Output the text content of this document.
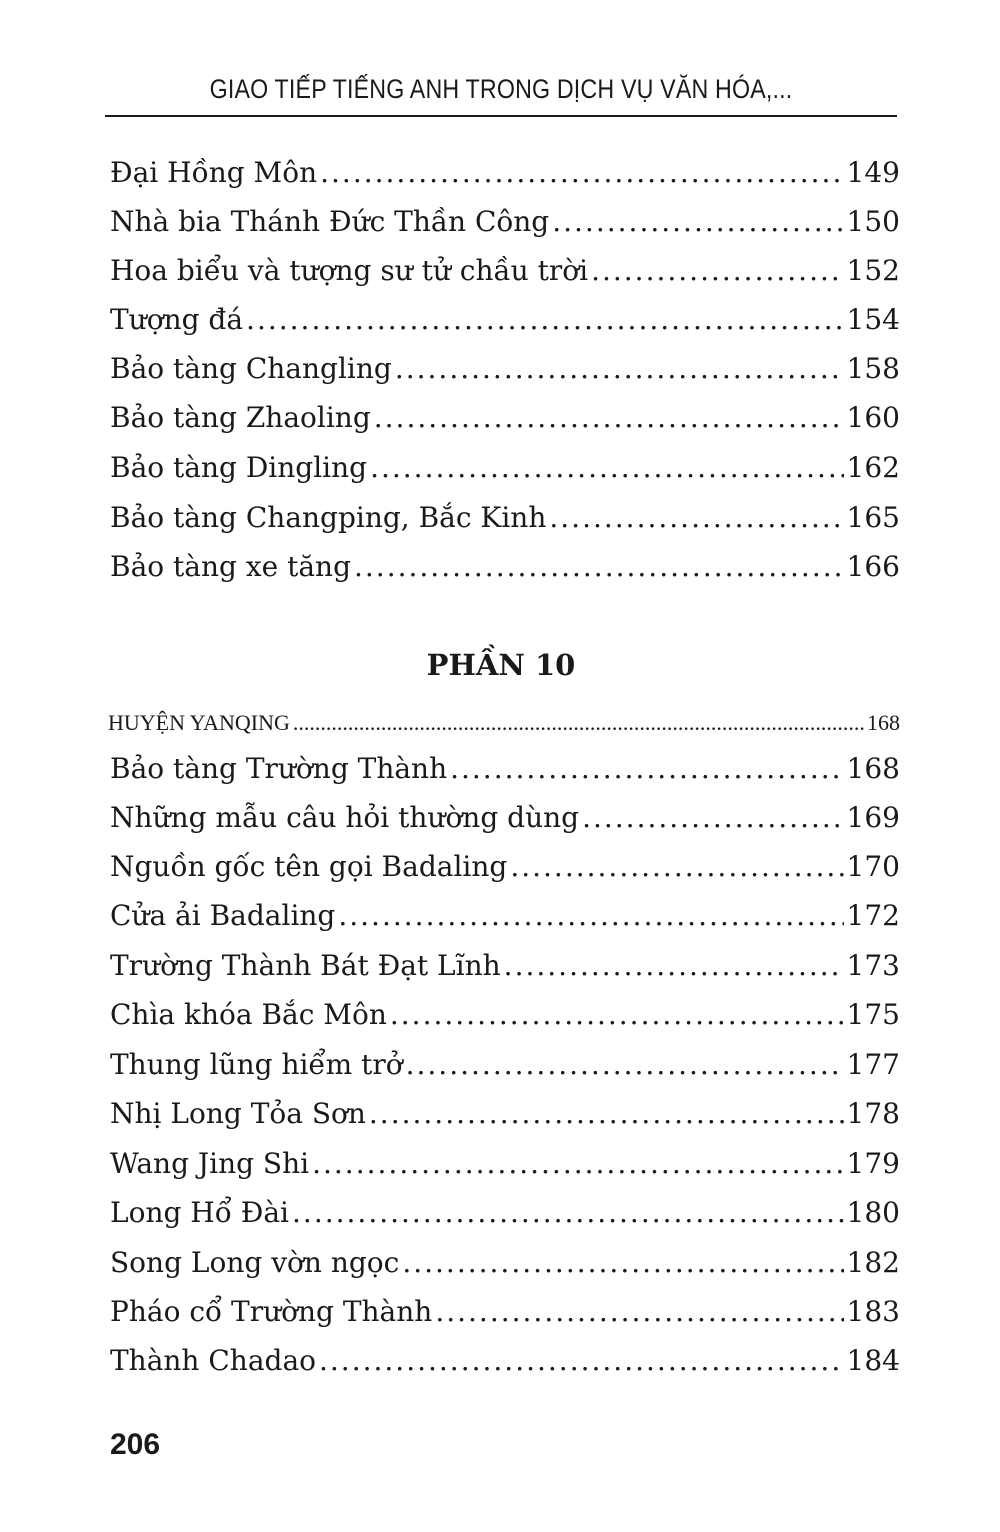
GIAO TIẾP TIẾNG ANH TRONG DỊCH VỤ VĂN HÓA,...
Đại Hồng Môn .....	149
Nhà bia Thánh Đức Thần Công .....	150
Hoa biểu và tượng sư tử chầu trời .....	152
Tượng đá .....	154
Bảo tàng Changling .....	158
Bảo tàng Zhaoling .....	160
Bảo tàng Dingling .....	162
Bảo tàng Changping, Bắc Kinh .....	165
Bảo tàng xe tăng .....	166
PHẦN 10
HUYỆN YANQING .....	168
Bảo tàng Trường Thành .....	168
Những mẫu câu hỏi thường dùng .....	169
Nguồn gốc tên gọi Badaling .....	170
Cửa ải Badaling .....	172
Trường Thành Bát Đạt Lĩnh .....	173
Chìa khóa Bắc Môn .....	175
Thung lũng hiểm trở .....	177
Nhị Long Tỏa Sơn .....	178
Wang Jing Shi .....	179
Long Hổ Đài .....	180
Song Long vờn ngọc .....	182
Pháo cổ Trường Thành .....	183
Thành Chadao .....	184
206
